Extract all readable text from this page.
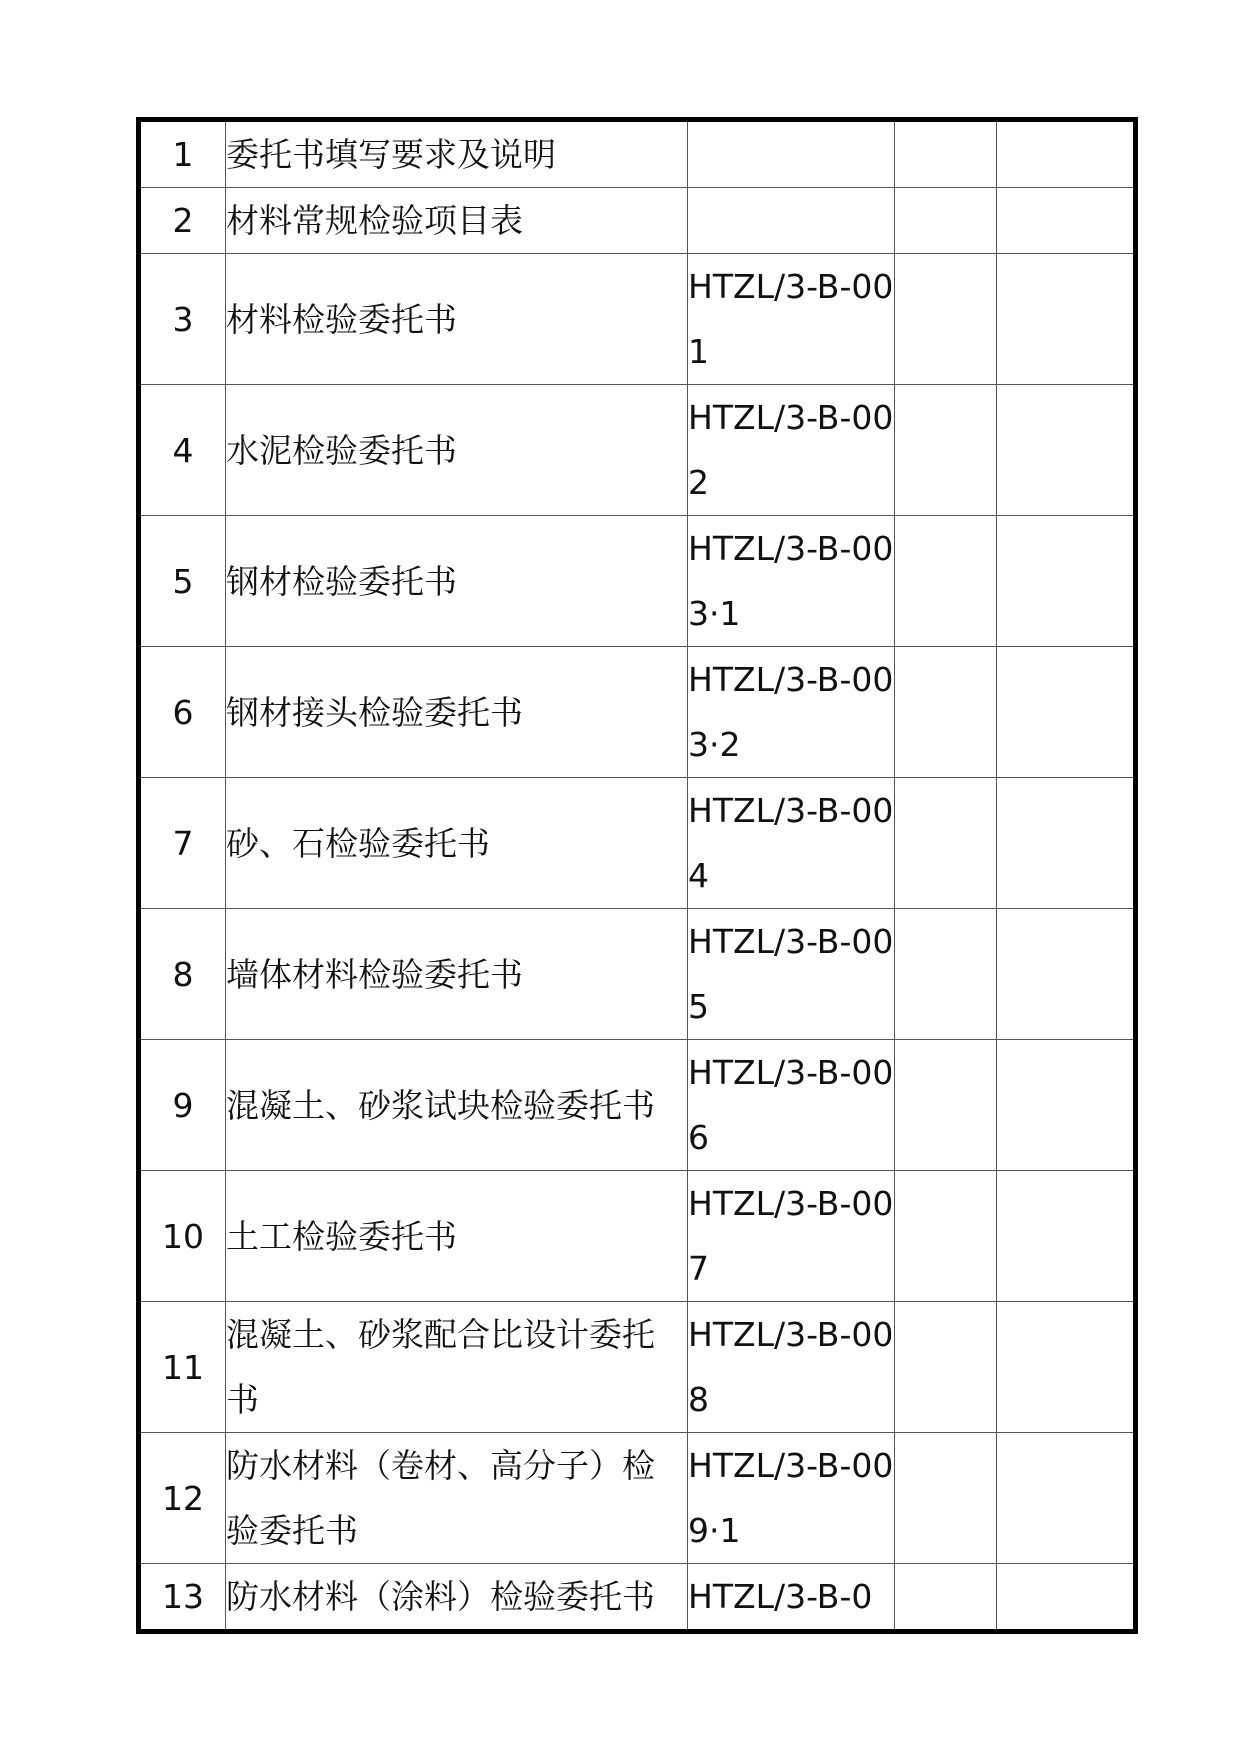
1	委托书填写要求及说明			
2	材料常规检验项目表			
3	材料检验委托书	HTZL/3-B-001		
4	水泥检验委托书	HTZL/3-B-002		
5	钢材检验委托书	HTZL/3-B-003·1		
6	钢材接头检验委托书	HTZL/3-B-003·2		
7	砂、石检验委托书	HTZL/3-B-004		
8	墙体材料检验委托书	HTZL/3-B-005		
9	混凝土、砂浆试块检验委托书	HTZL/3-B-006		
10	土工检验委托书	HTZL/3-B-007		
11	混凝土、砂浆配合比设计委托书	HTZL/3-B-008		
12	防水材料（卷材、高分子）检验委托书	HTZL/3-B-009·1		
13	防水材料（涂料）检验委托书	HTZL/3-B-0		
